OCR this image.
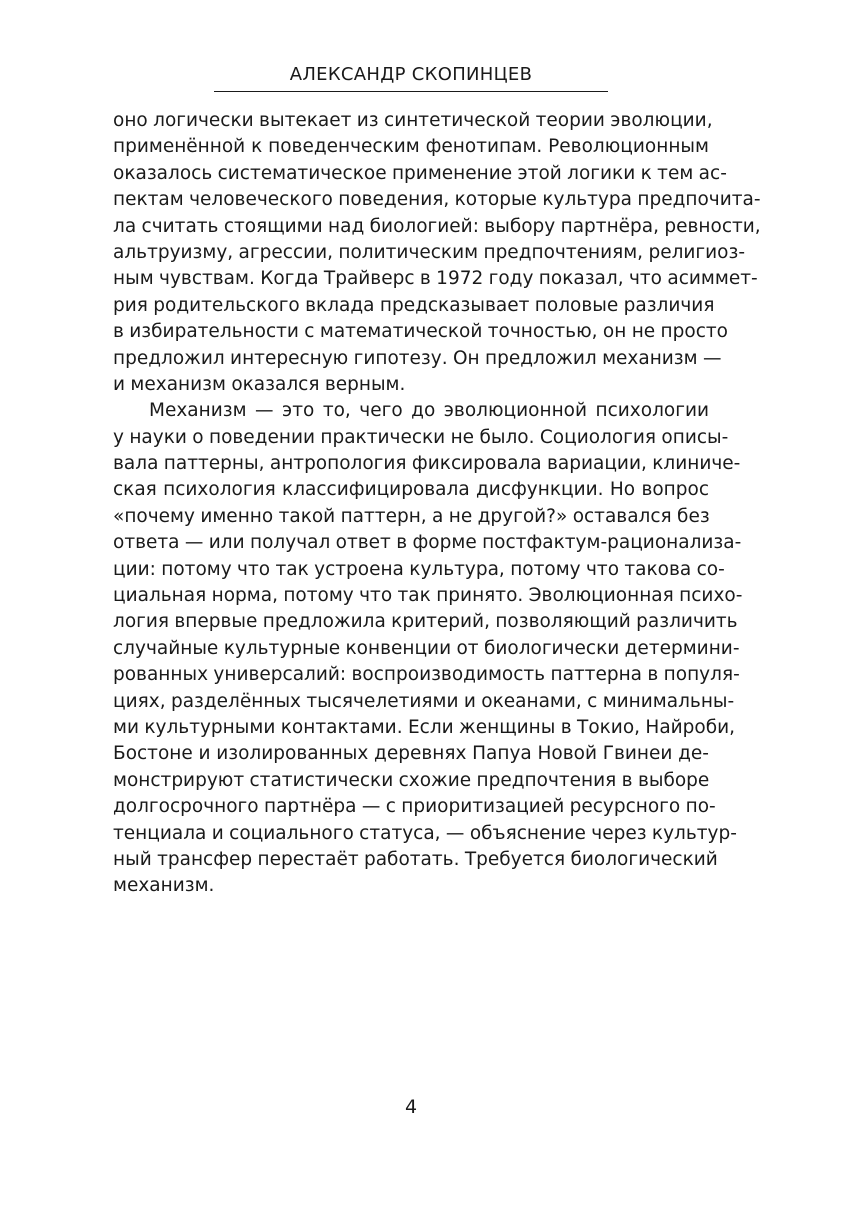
АЛЕКСАНДР СКОПИНЦЕВ
оно логически вытекает из синтетической теории эволюции,
применённой к поведенческим фенотипам. Революционным
оказалось систематическое применение этой логики к тем ас-
пектам человеческого поведения, которые культура предпочита-
ла считать стоящими над биологией: выбору партнёра, ревности,
альтруизму, агрессии, политическим предпочтениям, религиоз-
ным чувствам. Когда Трайверс в 1972 году показал, что асиммет-
рия родительского вклада предсказывает половые различия
в избирательности с математической точностью, он не просто
предложил интересную гипотезу. Он предложил механизм —
и механизм оказался верным.
Механизм — это то, чего до эволюционной психологии
у науки о поведении практически не было. Социология описы-
вала паттерны, антропология фиксировала вариации, клиниче-
ская психология классифицировала дисфункции. Но вопрос
«почему именно такой паттерн, а не другой?» оставался без
ответа — или получал ответ в форме постфактум-рационализа-
ции: потому что так устроена культура, потому что такова со-
циальная норма, потому что так принято. Эволюционная психо-
логия впервые предложила критерий, позволяющий различить
случайные культурные конвенции от биологически детермини-
рованных универсалий: воспроизводимость паттерна в популя-
циях, разделённых тысячелетиями и океанами, с минимальны-
ми культурными контактами. Если женщины в Токио, Найроби,
Бостоне и изолированных деревнях Папуа Новой Гвинеи де-
монстрируют статистически схожие предпочтения в выборе
долгосрочного партнёра — с приоритизацией ресурсного по-
тенциала и социального статуса, — объяснение через культур-
ный трансфер перестаёт работать. Требуется биологический
механизм.
4
